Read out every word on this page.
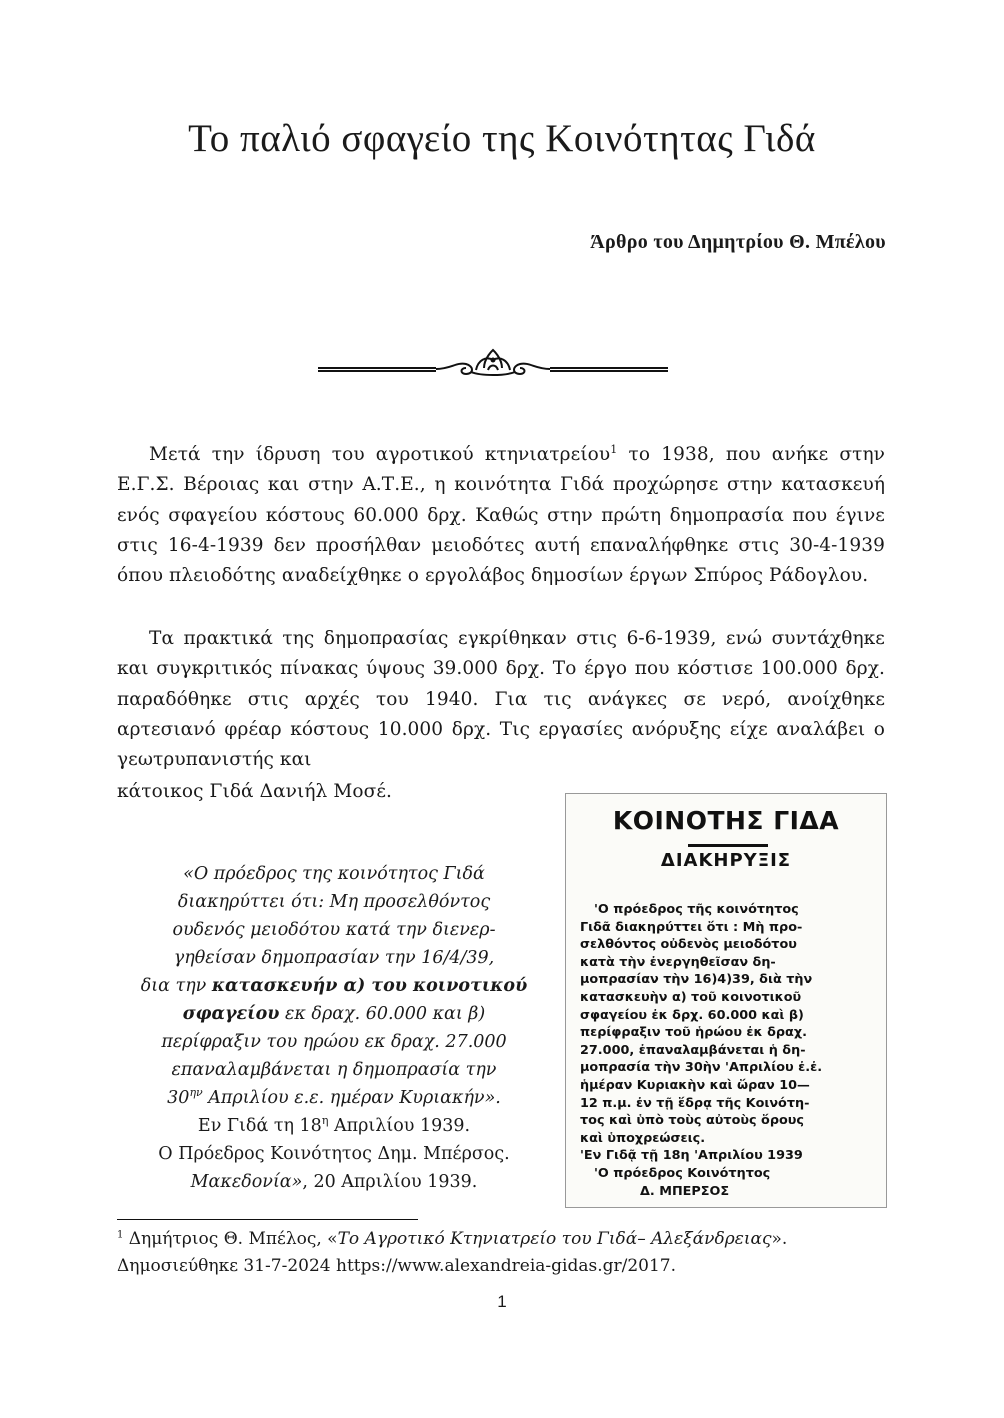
Το παλιό σφαγείο της Κοινότητας Γιδά
Άρθρο του Δημητρίου Θ. Μπέλου

Μετά την ίδρυση του αγροτικού κτηνιατρείου$^1$ το 1938, που ανήκε στην Ε.Γ.Σ. Βέροιας και στην Α.Τ.Ε., η κοινότητα Γιδά προχώρησε στην κατασκευή ενός σφαγείου κόστους 60.000 δρχ. Καθώς στην πρώτη δημοπρασία που έγινε στις 16-4-1939 δεν προσήλθαν μειοδότες αυτή επαναλήφθηκε στις 30-4-1939 όπου πλειοδότης αναδείχθηκε ο εργολάβος δημοσίων έργων Σπύρος Ράδογλου.

Τα πρακτικά της δημοπρασίας εγκρίθηκαν στις 6-6-1939, ενώ συντάχθηκε και συγκριτικός πίνακας ύψους 39.000 δρχ. Το έργο που κόστισε 100.000 δρχ. παραδόθηκε στις αρχές του 1940. Για τις ανάγκες σε νερό, ανοίχθηκε αρτεσιανό φρέαρ κόστους 10.000 δρχ. Τις εργασίες ανόρυξης είχε αναλάβει ο γεωτρυπανιστής και

κάτοικος Γιδά Δανιήλ Μοσέ.
«Ο πρόεδρος της κοινότητος Γιδά
διακηρύττει ότι: Μη προσελθόντος
ουδενός μειοδότου κατά την διενερ-
γηθείσαν δημοπρασίαν την 16/4/39,
δια την κατασκευήν α) του κοινοτικού
σφαγείου εκ δραχ. 60.000 και β)
περίφραξιν του ηρώου εκ δραχ. 27.000
επαναλαμβάνεται η δημοπρασία την
$30^{\eta\nu}$ Απριλίου ε.ε. ημέραν Κυριακήν».
Εν Γιδά τη $18^\eta$ Απριλίου 1939.
Ο Πρόεδρος Κοινότητος Δημ. Μπέρσος.
Μακεδονία», 20 Απριλίου 1939.
ΚΟΙΝΟΤΗΣ ΓΙΔΑ
ΔΙΑΚΗΡΥΞΙΣ
'Ο πρόεδρος τῆς κοινότητος
Γιδᾶ διακηρύττει ὅτι : Μὴ προ-
σελθόντος οὐδενὸς μειοδότου
κατὰ τὴν ἐνεργηθεῖσαν δη-
μοπρασίαν τὴν 16)4)39, διὰ τὴν
κατασκευὴν α) τοῦ κοινοτικοῦ
σφαγείου ἐκ δρχ. 60.000 καὶ β)
περίφραξιν τοῦ ἡρώου ἐκ δραχ.
27.000, ἐπαναλαμβάνεται ἡ δη-
μοπρασία τὴν 30ὴν 'Απριλίου ἐ.ἐ.
ἡμέραν Κυριακὴν καὶ ὥραν 10—
12 π.μ. ἐν τῇ ἕδρᾳ τῆς Κοινότη-
τος καὶ ὑπὸ τοὺς αὐτοὺς ὅρους
καὶ ὑποχρεώσεις.
'Εν Γιδᾷ τῇ 18η 'Απριλίου 1939
'Ο πρόεδρος Κοινότητος
Δ. ΜΠΕΡΣΟΣ
$^1$ Δημήτριος Θ. Μπέλος, «Το Αγροτικό Κτηνιατρείο του Γιδά– Αλεξάνδρειας». Δημοσιεύθηκε 31-7-2024 https://www.alexandreia-gidas.gr/2017.
1
